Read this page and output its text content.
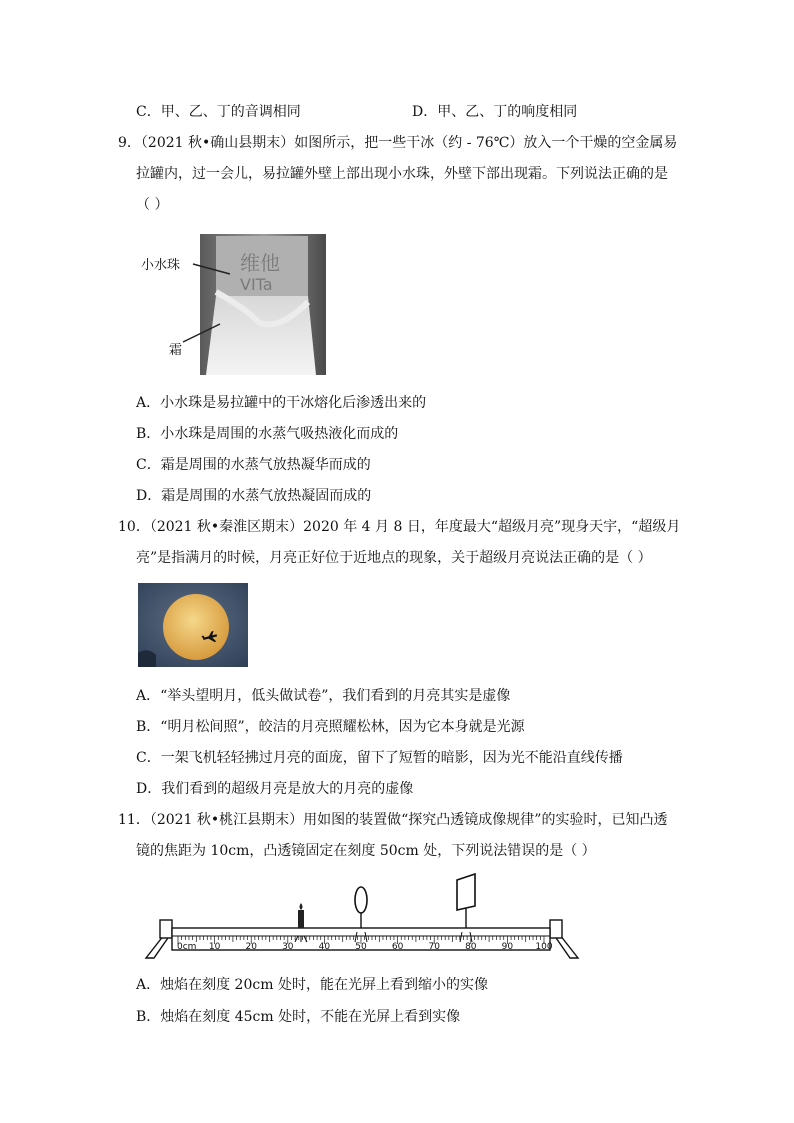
C．甲、乙、丁的音调相同	D．甲、乙、丁的响度相同
9．（2021 秋•确山县期末）如图所示，把一些干冰（约 - 76℃）放入一个干燥的空金属易
拉罐内，过一会儿，易拉罐外壁上部出现小水珠，外壁下部出现霜。下列说法正确的是
（ ）
维他
VITa
小水珠
霜
A．小水珠是易拉罐中的干冰熔化后渗透出来的
B．小水珠是周围的水蒸气吸热液化而成的
C．霜是周围的水蒸气放热凝华而成的
D．霜是周围的水蒸气放热凝固而成的
10．（2021 秋•秦淮区期末）2020 年 4 月 8 日，年度最大“超级月亮”现身天宇，“超级月
亮”是指满月的时候，月亮正好位于近地点的现象，关于超级月亮说法正确的是（ ）
A．“举头望明月，低头做试卷”，我们看到的月亮其实是虚像
B．“明月松间照”，皎洁的月亮照耀松林，因为它本身就是光源
C．一架飞机轻轻拂过月亮的面庞，留下了短暂的暗影，因为光不能沿直线传播
D．我们看到的超级月亮是放大的月亮的虚像
11．（2021 秋•桃江县期末）用如图的装置做“探究凸透镜成像规律”的实验时，已知凸透
镜的焦距为 10cm，凸透镜固定在刻度 50cm 处，下列说法错误的是（ ）
0cm 10	20	30	40	50	60	70	80	90 100
A．烛焰在刻度 20cm 处时，能在光屏上看到缩小的实像
B．烛焰在刻度 45cm 处时，不能在光屏上看到实像
